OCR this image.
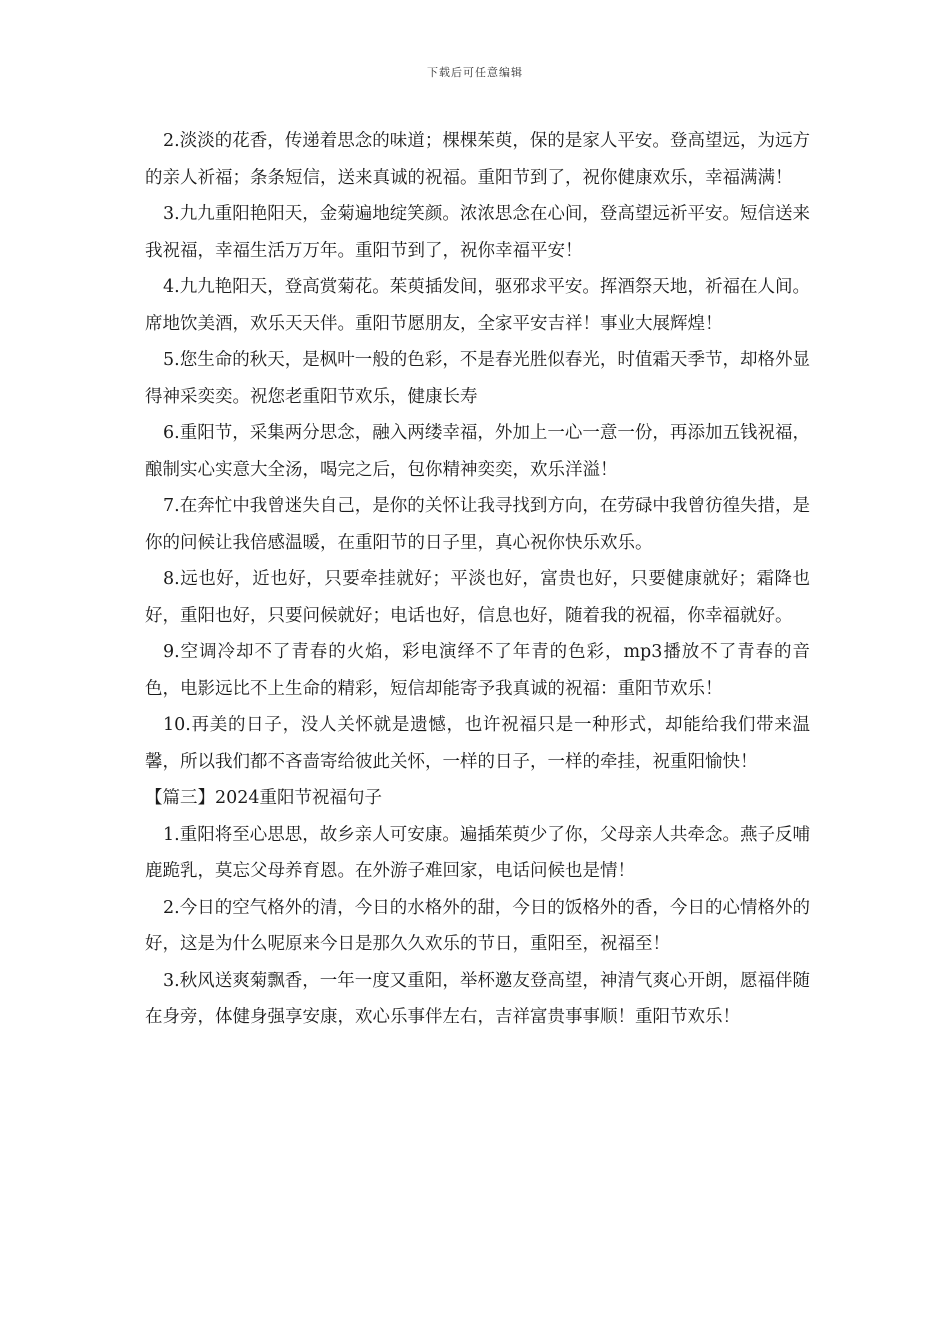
下载后可任意编辑

2.淡淡的花香，传递着思念的味道；棵棵茱萸，保的是家人平安。登高望远，为远方的亲人祈福；条条短信，送来真诚的祝福。重阳节到了，祝你健康欢乐，幸福满满！

3.九九重阳艳阳天，金菊遍地绽笑颜。浓浓思念在心间，登高望远祈平安。短信送来我祝福，幸福生活万万年。重阳节到了，祝你幸福平安！

4.九九艳阳天，登高赏菊花。茱萸插发间，驱邪求平安。挥酒祭天地，祈福在人间。席地饮美酒，欢乐天天伴。重阳节愿朋友，全家平安吉祥！事业大展辉煌！

5.您生命的秋天，是枫叶一般的色彩，不是春光胜似春光，时值霜天季节，却格外显得神采奕奕。祝您老重阳节欢乐，健康长寿

6.重阳节，采集两分思念，融入两缕幸福，外加上一心一意一份，再添加五钱祝福，酿制实心实意大全汤，喝完之后，包你精神奕奕，欢乐洋溢！

7.在奔忙中我曾迷失自己，是你的关怀让我寻找到方向，在劳碌中我曾彷徨失措，是你的问候让我倍感温暖，在重阳节的日子里，真心祝你快乐欢乐。

8.远也好，近也好，只要牵挂就好；平淡也好，富贵也好，只要健康就好；霜降也好，重阳也好，只要问候就好；电话也好，信息也好，随着我的祝福，你幸福就好。

9.空调冷却不了青春的火焰，彩电演绎不了年青的色彩，mp3播放不了青春的音色，电影远比不上生命的精彩，短信却能寄予我真诚的祝福：重阳节欢乐！

10.再美的日子，没人关怀就是遗憾，也许祝福只是一种形式，却能给我们带来温馨，所以我们都不吝啬寄给彼此关怀，一样的日子，一样的牵挂，祝重阳愉快！

【篇三】2024重阳节祝福句子

1.重阳将至心思思，故乡亲人可安康。遍插茱萸少了你，父母亲人共牵念。燕子反哺鹿跪乳，莫忘父母养育恩。在外游子难回家，电话问候也是情！

2.今日的空气格外的清，今日的水格外的甜，今日的饭格外的香，今日的心情格外的好，这是为什么呢原来今日是那久久欢乐的节日，重阳至，祝福至！

3.秋风送爽菊飘香，一年一度又重阳，举杯邀友登高望，神清气爽心开朗，愿福伴随在身旁，体健身强享安康，欢心乐事伴左右，吉祥富贵事事顺！重阳节欢乐！
